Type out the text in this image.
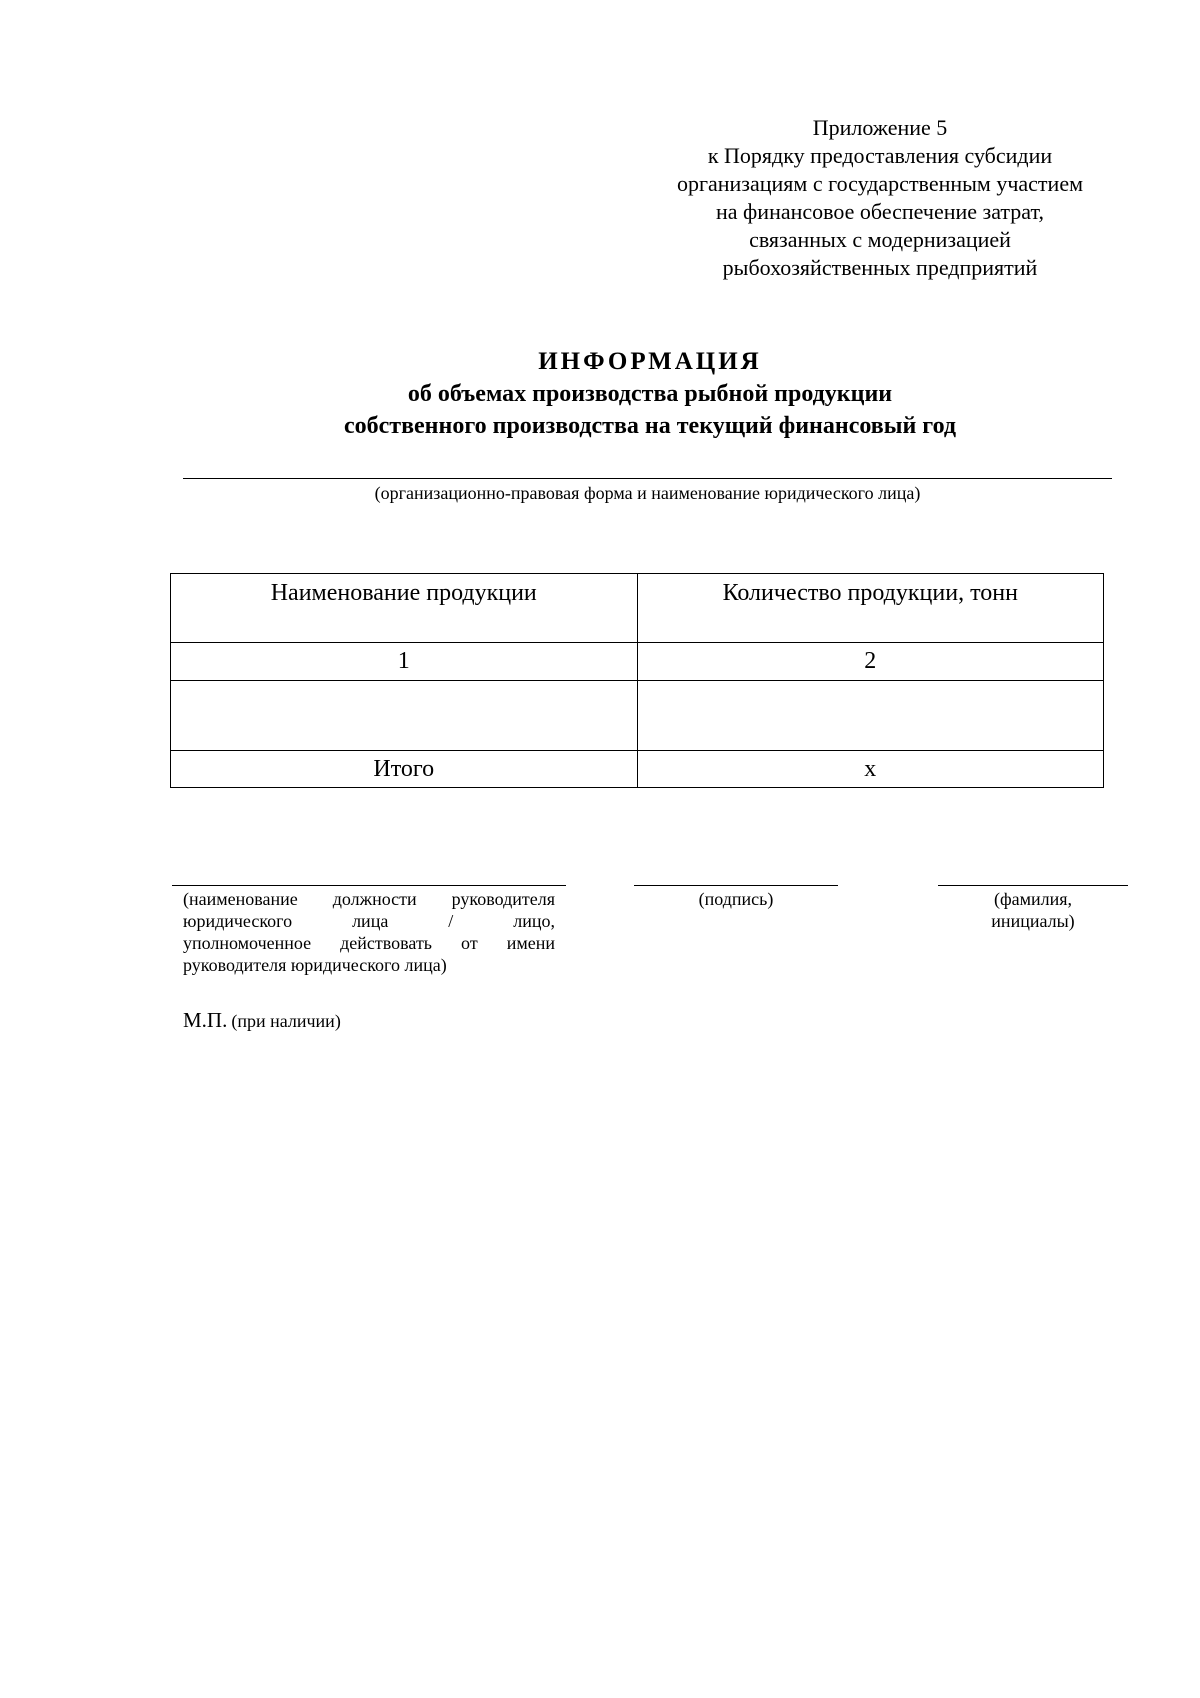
Приложение 5
к Порядку предоставления субсидии
организациям с государственным участием
на финансовое обеспечение затрат,
связанных с модернизацией
рыбохозяйственных предприятий
ИНФОРМАЦИЯ
об объемах производства рыбной продукции
собственного производства на текущий финансовый год
(организационно-правовая форма и наименование юридического лица)
Наименование продукции	Количество продукции, тонн
1	2

Итого	х
(наименование должности руководителя
юридического лица / лицо,
уполномоченное действовать от имени
руководителя юридического лица)
(подпись)	(фамилия,
инициалы)
М.П. (при наличии)
